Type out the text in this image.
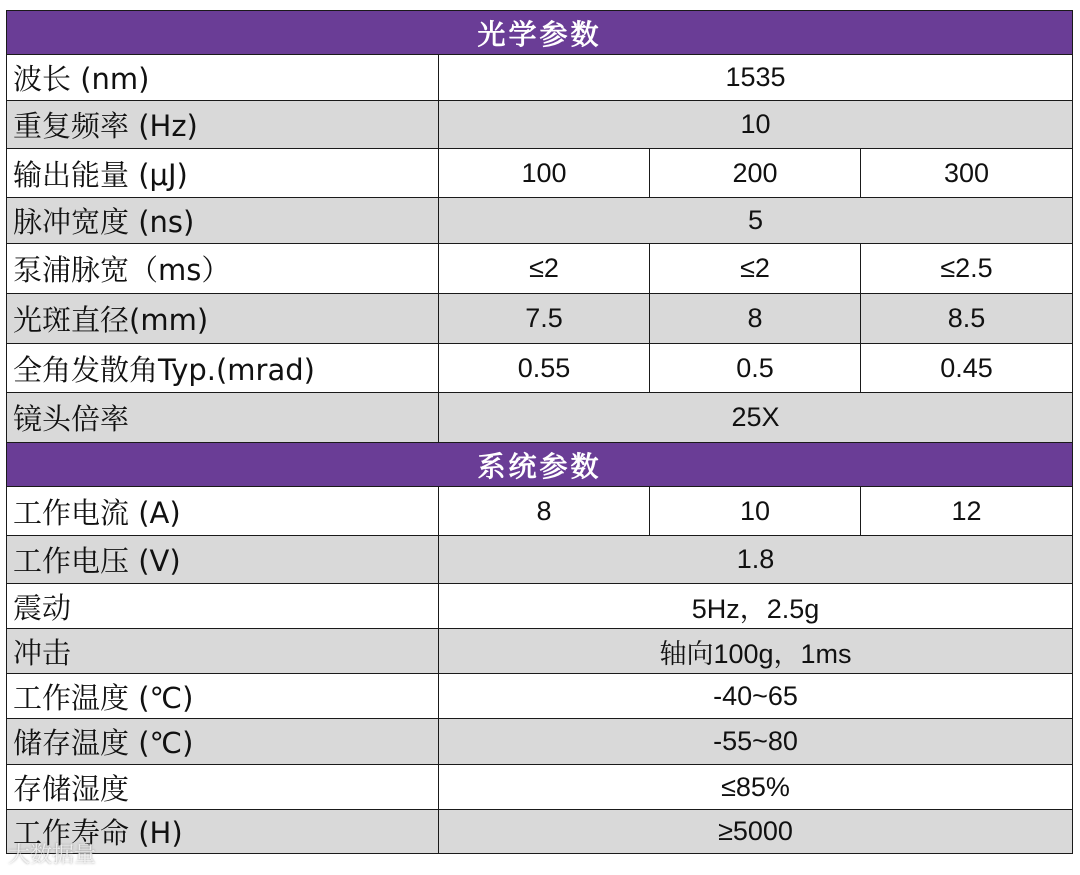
光学参数			
波长 (nm)	1535		
重复频率 (Hz)	10		
输出能量 (μJ)	100	200	300
脉冲宽度 (ns)	5		
泵浦脉宽（ms）	≤2	≤2	≤2.5
光斑直径(mm)	7.5	8	8.5
全角发散角Typ.(mrad)	0.55	0.5	0.45
镜头倍率	25X		
系统参数			
工作电流 (A)	8	10	12
工作电压 (V)	1.8		
震动	5Hz，2.5g		
冲击	轴向100g，1ms		
工作温度 (℃)	-40~65		
储存温度 (℃)	-55~80		
存储湿度	≤85%		
工作寿命 (H)	≥5000		
大数据量
